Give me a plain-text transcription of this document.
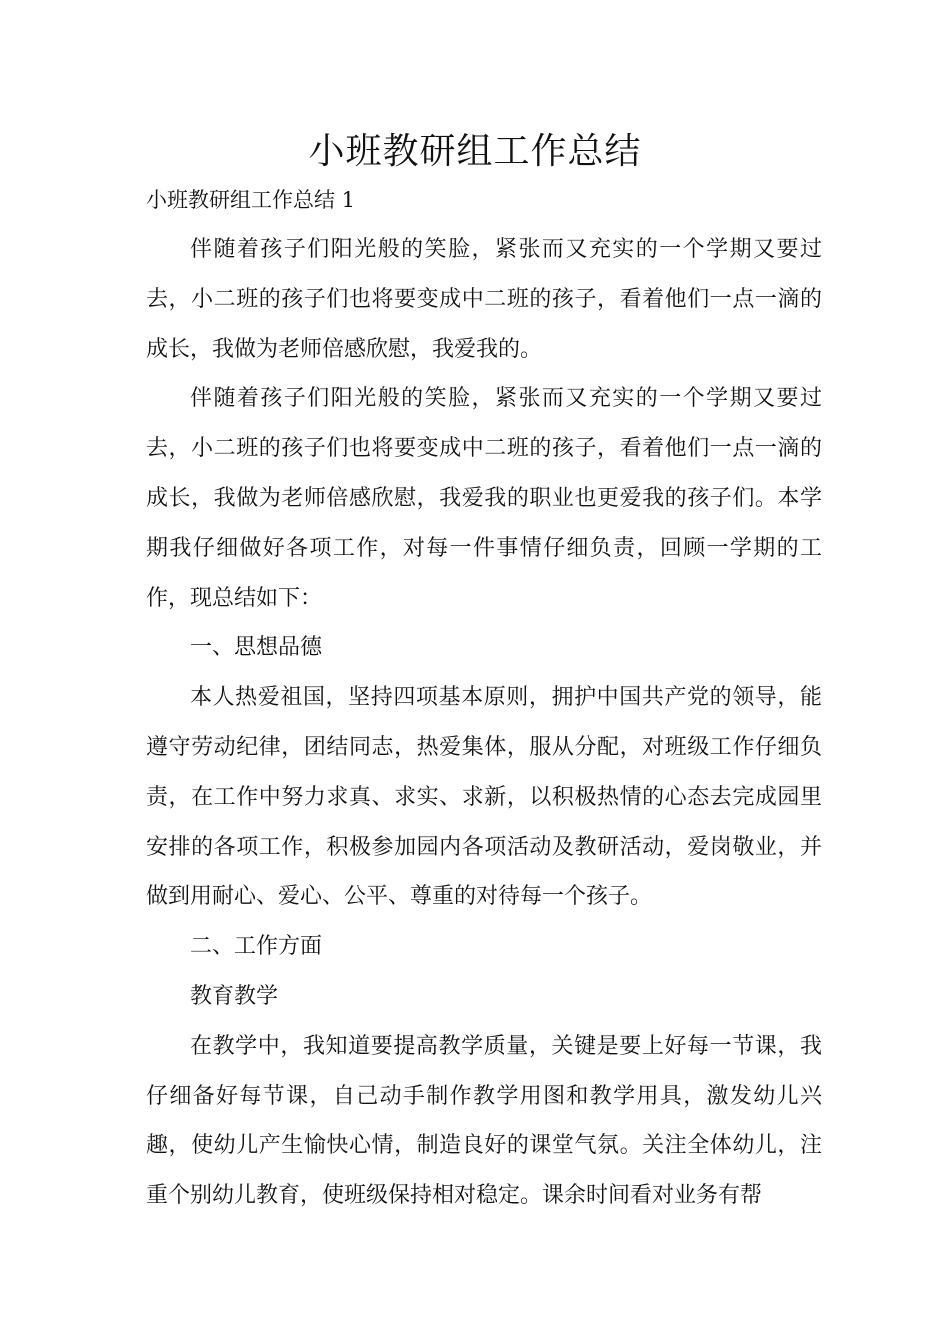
小班教研组工作总结

小班教研组工作总结 1

伴随着孩子们阳光般的笑脸，紧张而又充实的一个学期又要过去，小二班的孩子们也将要变成中二班的孩子，看着他们一点一滴的成长，我做为老师倍感欣慰，我爱我的。

伴随着孩子们阳光般的笑脸，紧张而又充实的一个学期又要过去，小二班的孩子们也将要变成中二班的孩子，看着他们一点一滴的成长，我做为老师倍感欣慰，我爱我的职业也更爱我的孩子们。本学期我仔细做好各项工作，对每一件事情仔细负责，回顾一学期的工作，现总结如下：

一、思想品德

本人热爱祖国，坚持四项基本原则，拥护中国共产党的领导，能遵守劳动纪律，团结同志，热爱集体，服从分配，对班级工作仔细负责，在工作中努力求真、求实、求新，以积极热情的心态去完成园里安排的各项工作，积极参加园内各项活动及教研活动，爱岗敬业，并做到用耐心、爱心、公平、尊重的对待每一个孩子。

二、工作方面

教育教学

在教学中，我知道要提高教学质量，关键是要上好每一节课，我仔细备好每节课，自己动手制作教学用图和教学用具，激发幼儿兴趣，使幼儿产生愉快心情，制造良好的课堂气氛。关注全体幼儿，注重个别幼儿教育，使班级保持相对稳定。课余时间看对业务有帮
